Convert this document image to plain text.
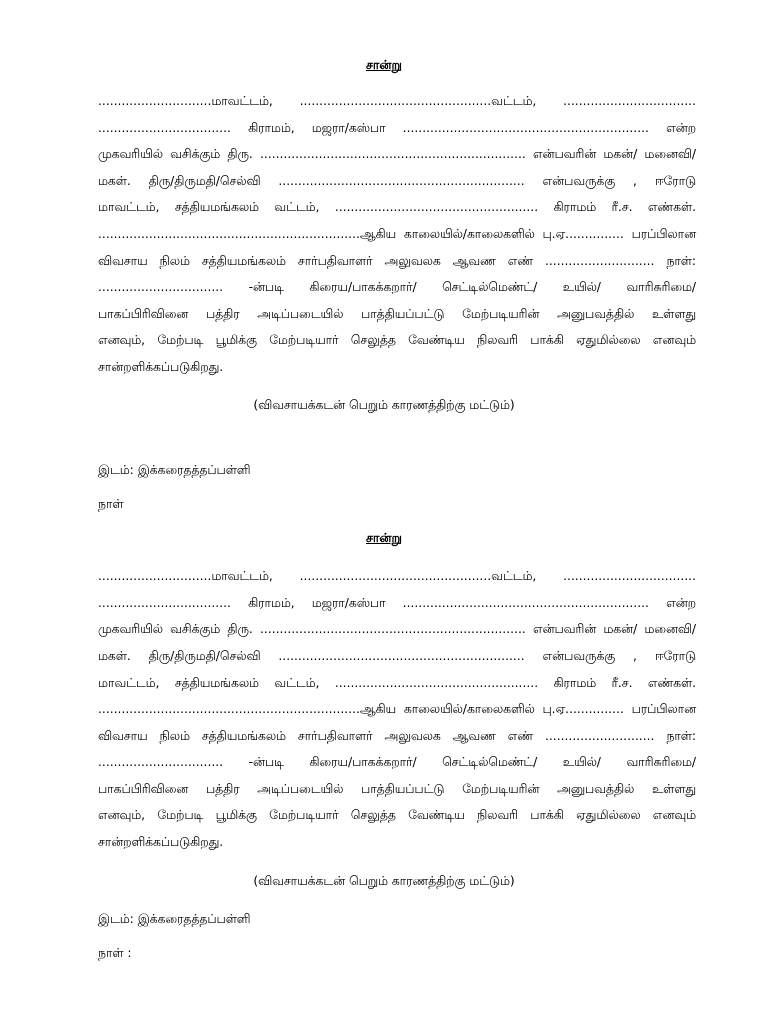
சான்று
.............................மாவட்டம், .................................................வட்டம், ..................................
.................................. கிராமம், மஜரா/கஸ்பா ............................................................... என்ற
முகவரியில் வசிக்கும் திரு. .................................................................... என்பவரின் மகன்/ மனைவி/
மகள். திரு/திருமதி/செல்வி ............................................................... என்பவருக்கு , ஈரோடு
மாவட்டம், சத்தியமங்கலம் வட்டம், .................................................... கிராமம் ரீ.ச. எண்கள்.
...................................................................ஆகிய காலையில்/காலைகளில் பு.ஏ............... பரப்பிலான
விவசாய நிலம் சத்தியமங்கலம் சார்பதிவாளர் அலுவலக ஆவண எண் ............................ நாள்:
................................ -ன்படி கிரைய/பாகக்கறார்/ செட்டில்மெண்ட்/ உயில்/ வாரிசுரிமை/
பாகப்பிரிவினை பத்திர அடிப்படையில் பாத்தியப்பட்டு மேற்படியரின் அனுபவத்தில் உள்ளது
எனவும், மேற்படி பூமிக்கு மேற்படியார் செலுத்த வேண்டிய நிலவரி பாக்கி ஏதுமில்லை எனவும்
சான்றளிக்கப்படுகிறது.
(விவசாயக்கடன் பெறும் காரணத்திற்கு மட்டும்)
இடம்: இக்கரைதத்தப்பள்ளி
நாள்
சான்று
.............................மாவட்டம், .................................................வட்டம், ..................................
.................................. கிராமம், மஜரா/கஸ்பா ............................................................... என்ற
முகவரியில் வசிக்கும் திரு. .................................................................... என்பவரின் மகன்/ மனைவி/
மகள். திரு/திருமதி/செல்வி ............................................................... என்பவருக்கு , ஈரோடு
மாவட்டம், சத்தியமங்கலம் வட்டம், .................................................... கிராமம் ரீ.ச. எண்கள்.
...................................................................ஆகிய காலையில்/காலைகளில் பு.ஏ............... பரப்பிலான
விவசாய நிலம் சத்தியமங்கலம் சார்பதிவாளர் அலுவலக ஆவண எண் ............................ நாள்:
................................ -ன்படி கிரைய/பாகக்கறார்/ செட்டில்மெண்ட்/ உயில்/ வாரிசுரிமை/
பாகப்பிரிவினை பத்திர அடிப்படையில் பாத்தியப்பட்டு மேற்படியரின் அனுபவத்தில் உள்ளது
எனவும், மேற்படி பூமிக்கு மேற்படியார் செலுத்த வேண்டிய நிலவரி பாக்கி ஏதுமில்லை எனவும்
சான்றளிக்கப்படுகிறது.
(விவசாயக்கடன் பெறும் காரணத்திற்கு மட்டும்)
இடம்: இக்கரைதத்தப்பள்ளி
நாள் :
